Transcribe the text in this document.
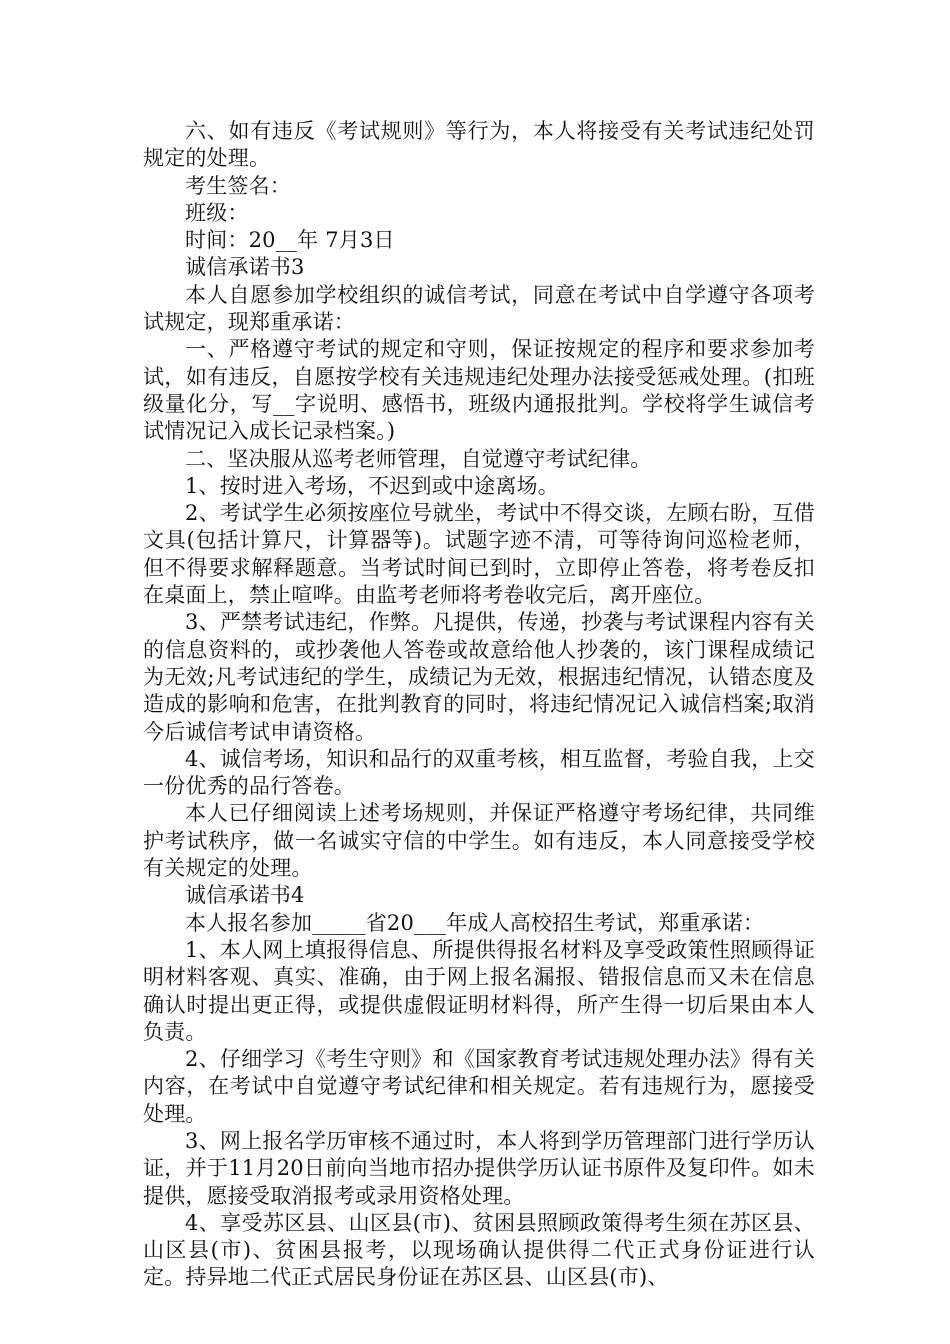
六、如有违反《考试规则》等行为，本人将接受有关考试违纪处罚规定的处理。

考生签名：

班级：

时间：20__年 7月3日

诚信承诺书3

本人自愿参加学校组织的诚信考试，同意在考试中自学遵守各项考试规定，现郑重承诺：

一、严格遵守考试的规定和守则，保证按规定的程序和要求参加考试，如有违反，自愿按学校有关违规违纪处理办法接受惩戒处理。(扣班级量化分，写__字说明、感悟书，班级内通报批判。学校将学生诚信考试情况记入成长记录档案。)

二、坚决服从巡考老师管理，自觉遵守考试纪律。

1、按时进入考场，不迟到或中途离场。

2、考试学生必须按座位号就坐，考试中不得交谈，左顾右盼，互借文具(包括计算尺，计算器等)。试题字迹不清，可等待询问巡检老师，但不得要求解释题意。当考试时间已到时，立即停止答卷，将考卷反扣在桌面上，禁止喧哗。由监考老师将考卷收完后，离开座位。

3、严禁考试违纪，作弊。凡提供，传递，抄袭与考试课程内容有关的信息资料的，或抄袭他人答卷或故意给他人抄袭的，该门课程成绩记为无效;凡考试违纪的学生，成绩记为无效，根据违纪情况，认错态度及造成的影响和危害，在批判教育的同时，将违纪情况记入诚信档案;取消今后诚信考试申请资格。

4、诚信考场，知识和品行的双重考核，相互监督，考验自我，上交一份优秀的品行答卷。

本人已仔细阅读上述考场规则，并保证严格遵守考场纪律，共同维护考试秩序，做一名诚实守信的中学生。如有违反，本人同意接受学校有关规定的处理。

诚信承诺书4

本人报名参加_____省20___年成人高校招生考试，郑重承诺：

1、本人网上填报得信息、所提供得报名材料及享受政策性照顾得证明材料客观、真实、准确，由于网上报名漏报、错报信息而又未在信息确认时提出更正得，或提供虚假证明材料得，所产生得一切后果由本人负责。

2、仔细学习《考生守则》和《国家教育考试违规处理办法》得有关内容，在考试中自觉遵守考试纪律和相关规定。若有违规行为，愿接受处理。

3、网上报名学历审核不通过时，本人将到学历管理部门进行学历认证，并于11月20日前向当地市招办提供学历认证书原件及复印件。如未提供，愿接受取消报考或录用资格处理。

4、享受苏区县、山区县(市)、贫困县照顾政策得考生须在苏区县、山区县(市)、贫困县报考，以现场确认提供得二代正式身份证进行认定。持异地二代正式居民身份证在苏区县、山区县(市)、
